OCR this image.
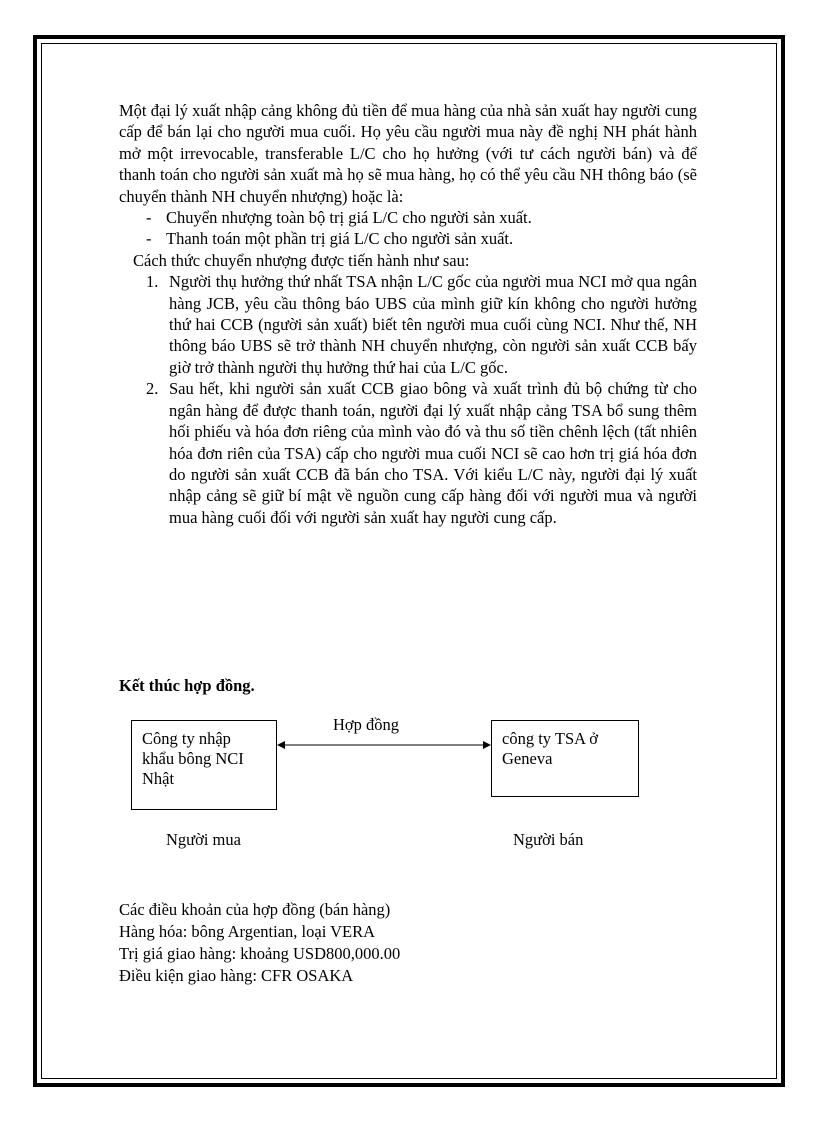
Một đại lý xuất nhập cảng không đủ tiền để mua hàng của nhà sản xuất hay người cung cấp để bán lại cho người mua cuối. Họ yêu cầu người mua này đề nghị NH phát hành mở một irrevocable, transferable L/C cho họ hưởng (với tư cách người bán) và để thanh toán cho người sản xuất mà họ sẽ mua hàng, họ có thể yêu cầu NH thông báo (sẽ chuyển thành NH chuyển nhượng) hoặc là:

- Chuyển nhượng toàn bộ trị giá L/C cho người sản xuất.
- Thanh toán một phần trị giá L/C cho người sản xuất.

Cách thức chuyển nhượng được tiến hành như sau:

1. Người thụ hưởng thứ nhất TSA nhận L/C gốc của người mua NCI mở qua ngân hàng JCB, yêu cầu thông báo UBS của mình giữ kín không cho người hưởng thứ hai CCB (người sản xuất) biết tên người mua cuối cùng NCI. Như thế, NH thông báo UBS sẽ trở thành NH chuyển nhượng, còn người sản xuất CCB bấy giờ trở thành người thụ hưởng thứ hai của L/C gốc.
2. Sau hết, khi người sản xuất CCB giao bông và xuất trình đủ bộ chứng từ cho ngân hàng để được thanh toán, người đại lý xuất nhập cảng TSA bổ sung thêm hối phiếu và hóa đơn riêng của mình vào đó và thu số tiền chênh lệch (tất nhiên hóa đơn riên của TSA) cấp cho người mua cuối NCI sẽ cao hơn trị giá hóa đơn do người sản xuất CCB đã bán cho TSA. Với kiểu L/C này, người đại lý xuất nhập cảng sẽ giữ bí mật về nguồn cung cấp hàng đối với người mua và người mua hàng cuối đối với người sản xuất hay người cung cấp.
Kết thúc hợp đồng.
Công ty nhập khẩu bông NCI Nhật
công ty TSA ở Geneva
Hợp đồng
Người mua	Người bán
Các điều khoản của hợp đồng (bán hàng)
Hàng hóa: bông Argentian, loại VERA
Trị giá giao hàng: khoảng USD800,000.00
Điều kiện giao hàng: CFR OSAKA
